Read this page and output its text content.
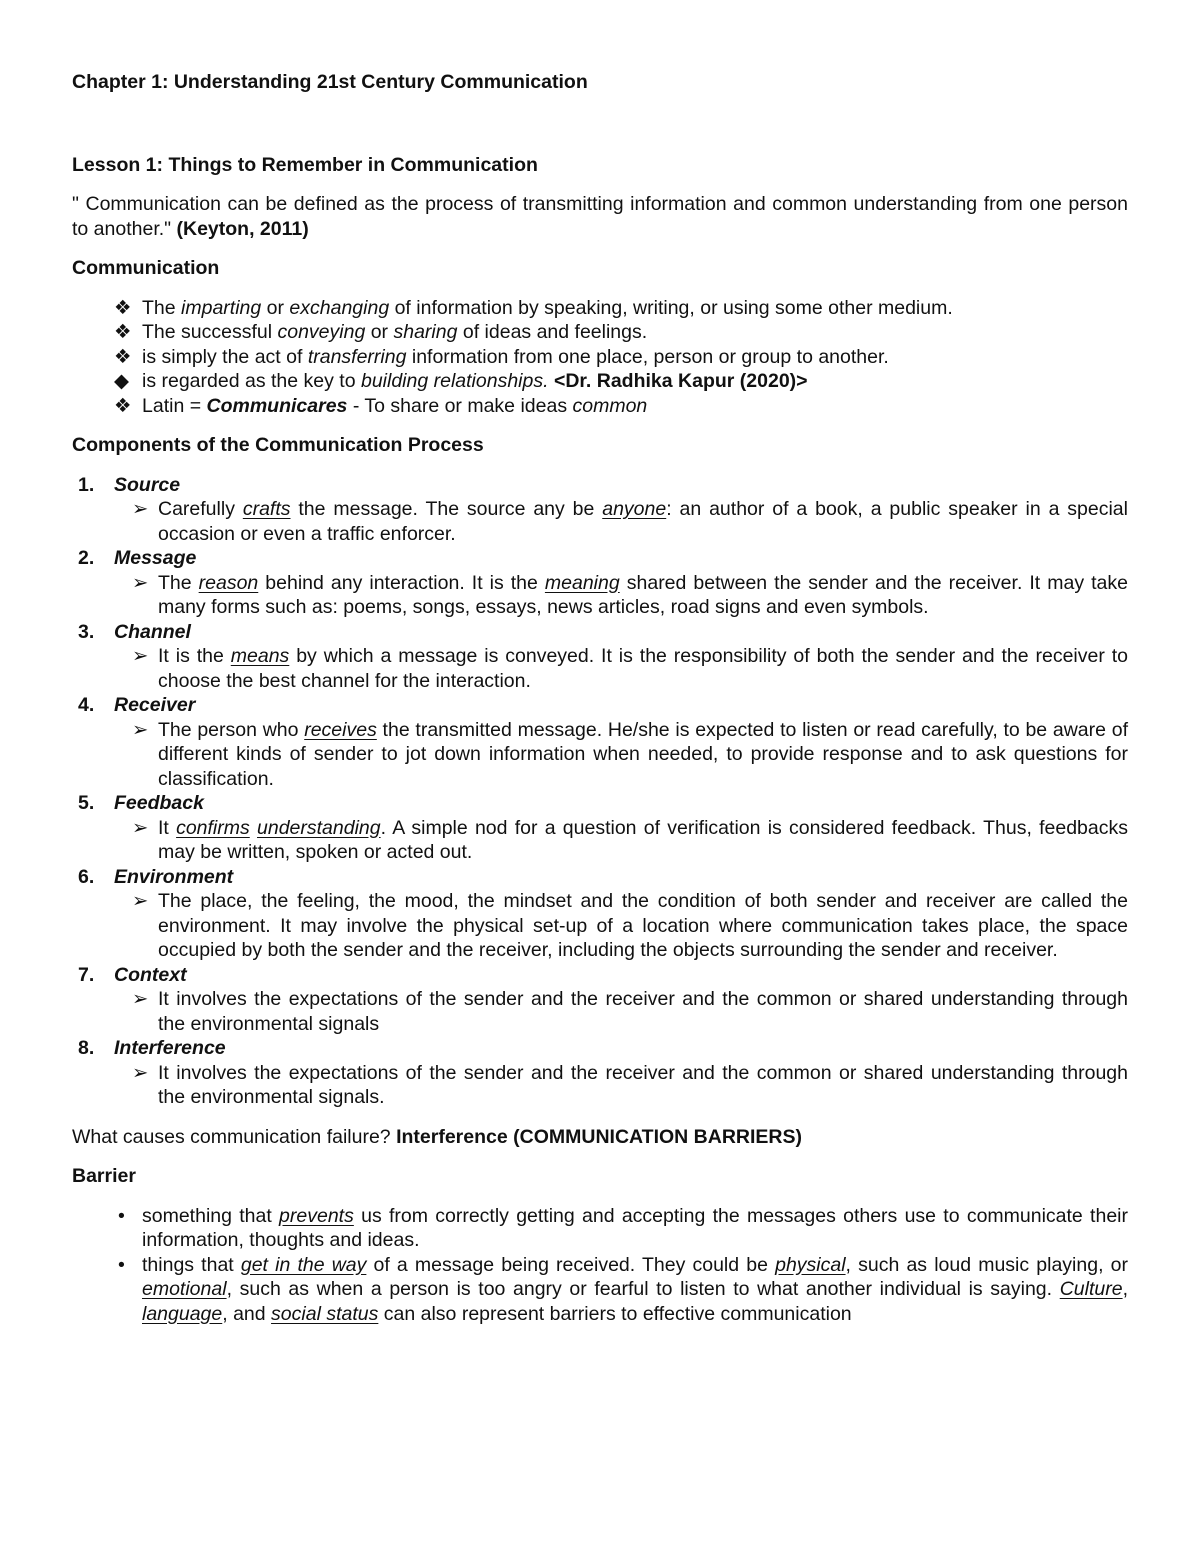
Chapter 1: Understanding 21st Century Communication

Lesson 1: Things to Remember in Communication

" Communication can be defined as the process of transmitting information and common understanding from one person to another." (Keyton, 2011)

Communication

❖ The imparting or exchanging of information by speaking, writing, or using some other medium.
❖ The successful conveying or sharing of ideas and feelings.
❖ is simply the act of transferring information from one place, person or group to another.
◆ is regarded as the key to building relationships. <Dr. Radhika Kapur (2020)>
❖ Latin = Communicares - To share or make ideas common

Components of the Communication Process

1. Source
➢ Carefully crafts the message. The source any be anyone: an author of a book, a public speaker in a special occasion or even a traffic enforcer.
2. Message
➢ The reason behind any interaction. It is the meaning shared between the sender and the receiver. It may take many forms such as: poems, songs, essays, news articles, road signs and even symbols.
3. Channel
➢ It is the means by which a message is conveyed. It is the responsibility of both the sender and the receiver to choose the best channel for the interaction.
4. Receiver
➢ The person who receives the transmitted message. He/she is expected to listen or read carefully, to be aware of different kinds of sender to jot down information when needed, to provide response and to ask questions for classification.
5. Feedback
➢ It confirms understanding. A simple nod for a question of verification is considered feedback. Thus, feedbacks may be written, spoken or acted out.
6. Environment
➢ The place, the feeling, the mood, the mindset and the condition of both sender and receiver are called the environment. It may involve the physical set-up of a location where communication takes place, the space occupied by both the sender and the receiver, including the objects surrounding the sender and receiver.
7. Context
➢ It involves the expectations of the sender and the receiver and the common or shared understanding through the environmental signals
8. Interference
➢ It involves the expectations of the sender and the receiver and the common or shared understanding through the environmental signals.

What causes communication failure? Interference (COMMUNICATION BARRIERS)

Barrier

• something that prevents us from correctly getting and accepting the messages others use to communicate their information, thoughts and ideas.
• things that get in the way of a message being received. They could be physical, such as loud music playing, or emotional, such as when a person is too angry or fearful to listen to what another individual is saying. Culture, language, and social status can also represent barriers to effective communication
